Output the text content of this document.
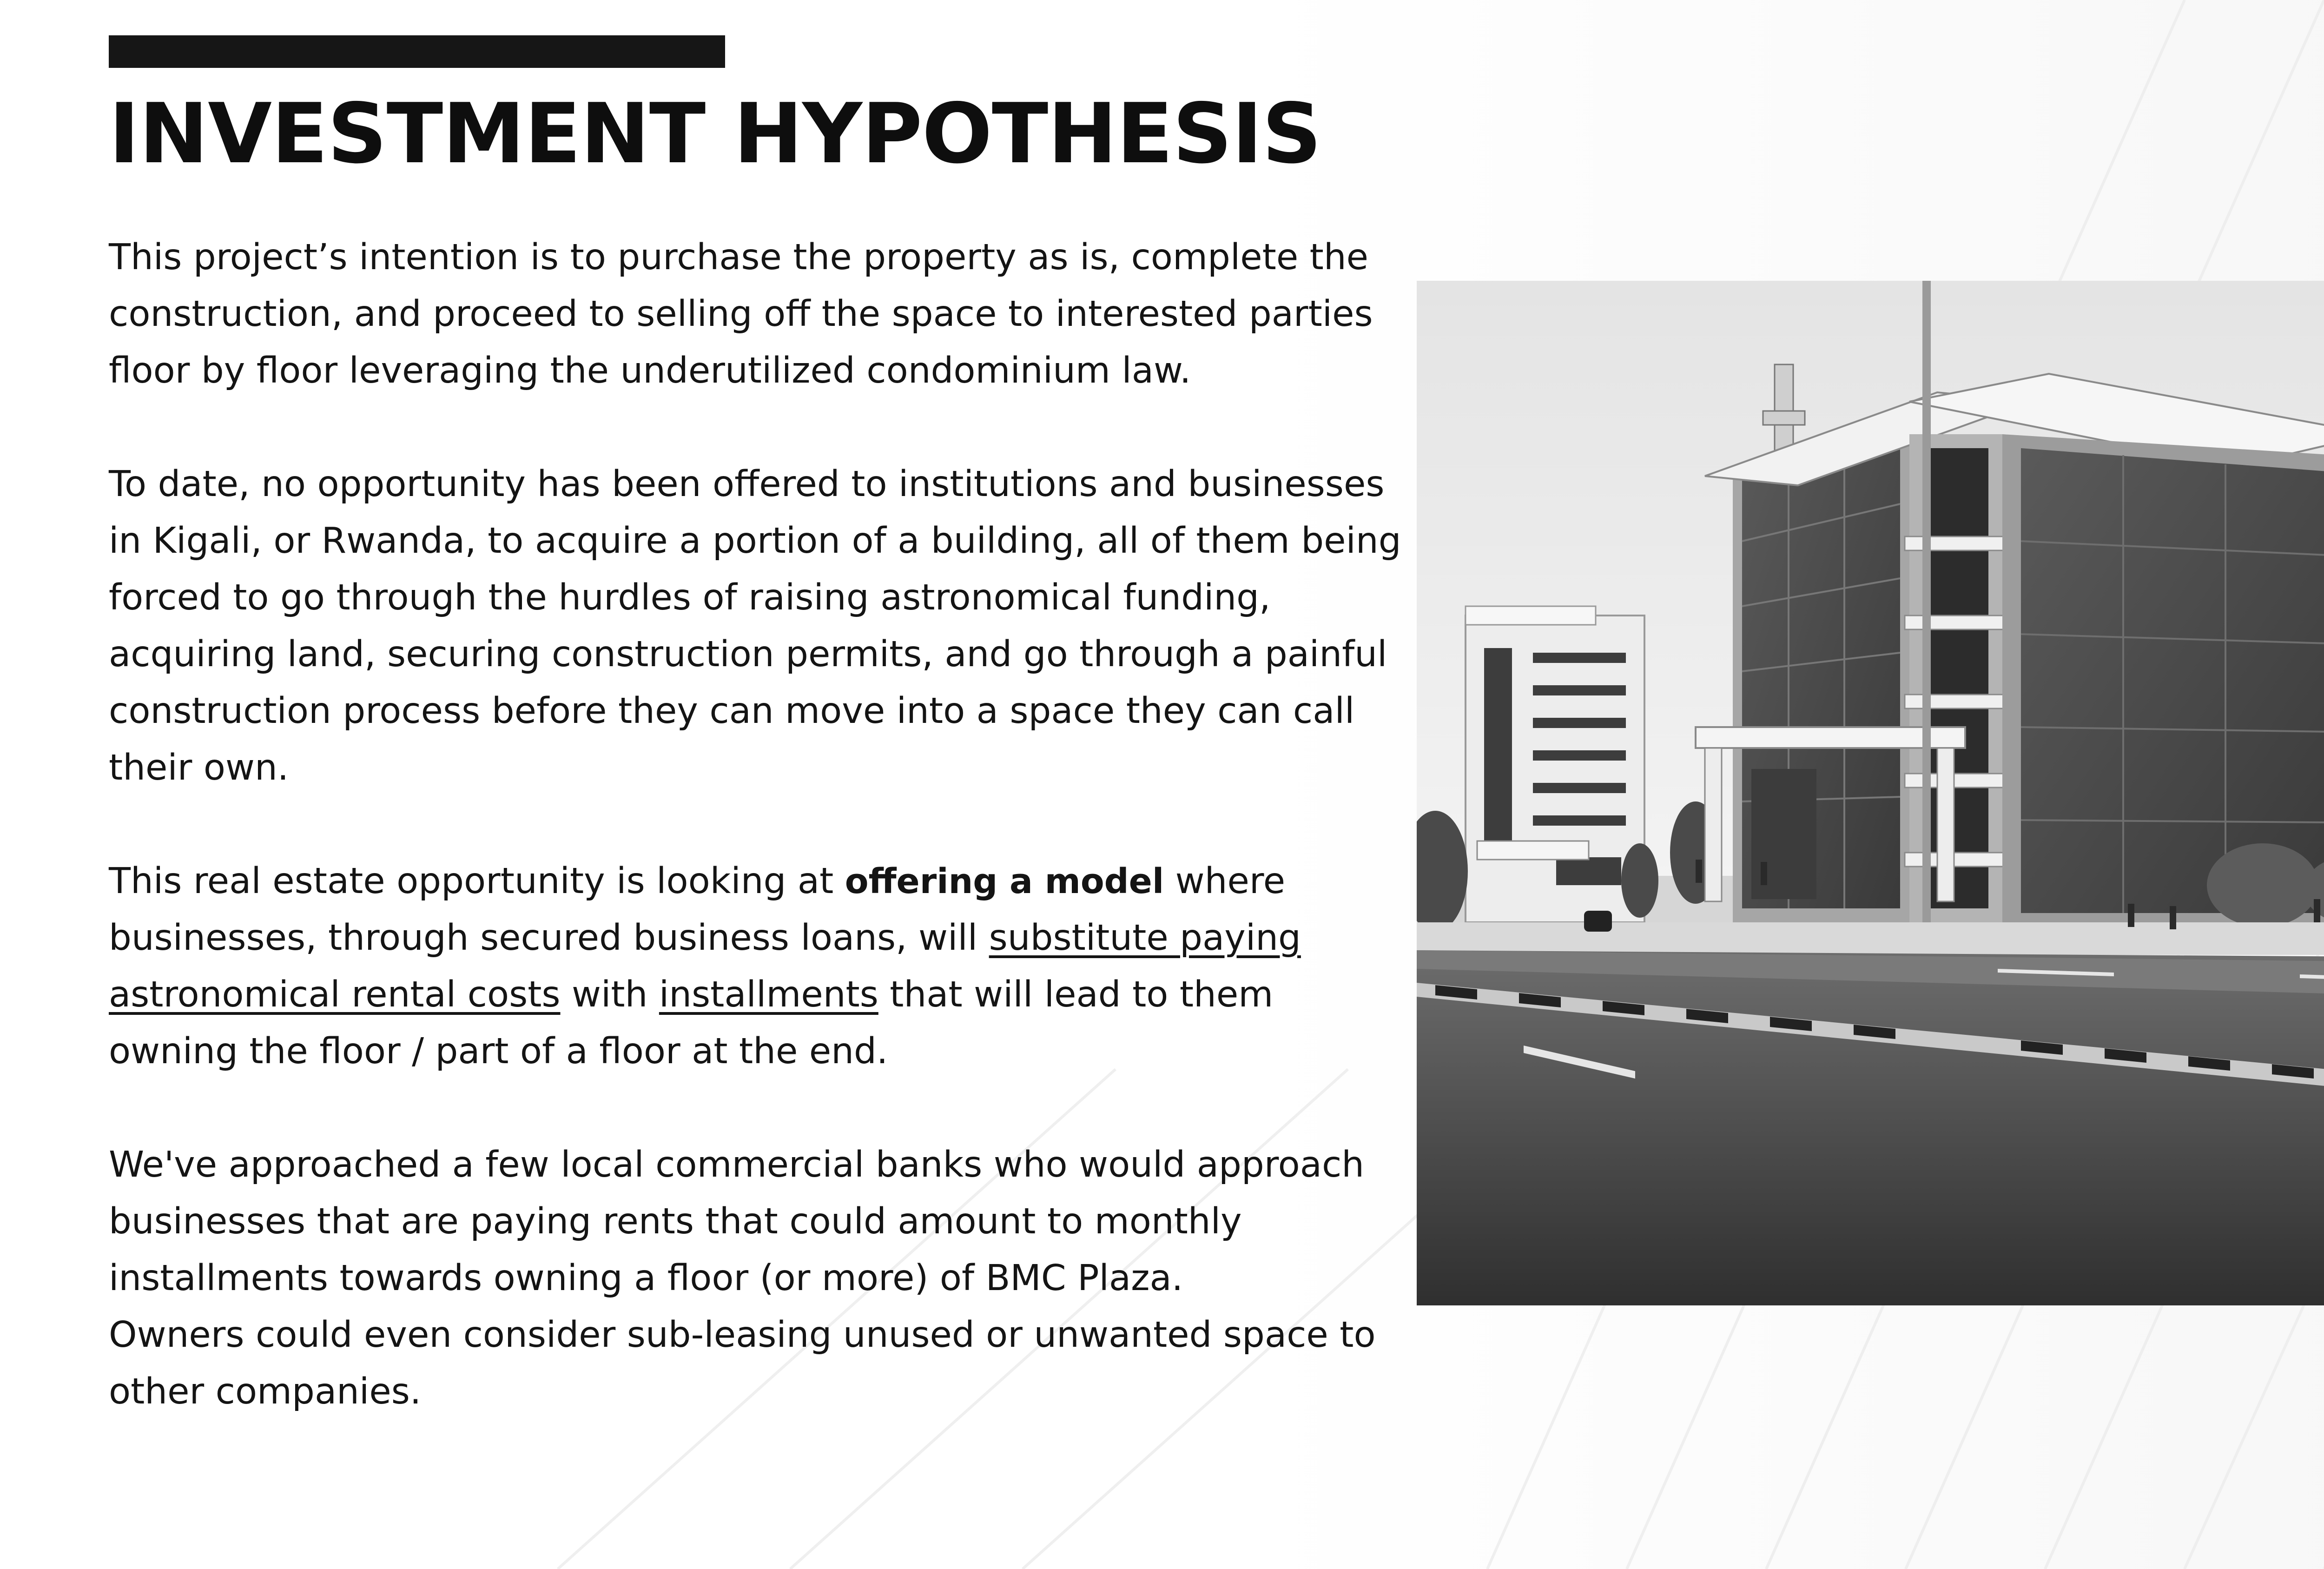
INVESTMENT HYPOTHESIS

This project’s intention is to purchase the property as is, complete the
construction, and proceed to selling off the space to interested parties
floor by floor leveraging the underutilized condominium law.

To date, no opportunity has been offered to institutions and businesses
in Kigali, or Rwanda, to acquire a portion of a building, all of them being
forced to go through the hurdles of raising astronomical funding,
acquiring land, securing construction permits, and go through a painful
construction process before they can move into a space they can call
their own.

This real estate opportunity is looking at offering a model where
businesses, through secured business loans, will substitute paying
astronomical rental costs with installments that will lead to them
owning the floor / part of a floor at the end.

We've approached a few local commercial banks who would approach
businesses that are paying rents that could amount to monthly
installments towards owning a floor (or more) of BMC Plaza.
Owners could even consider sub-leasing unused or unwanted space to
other companies.
